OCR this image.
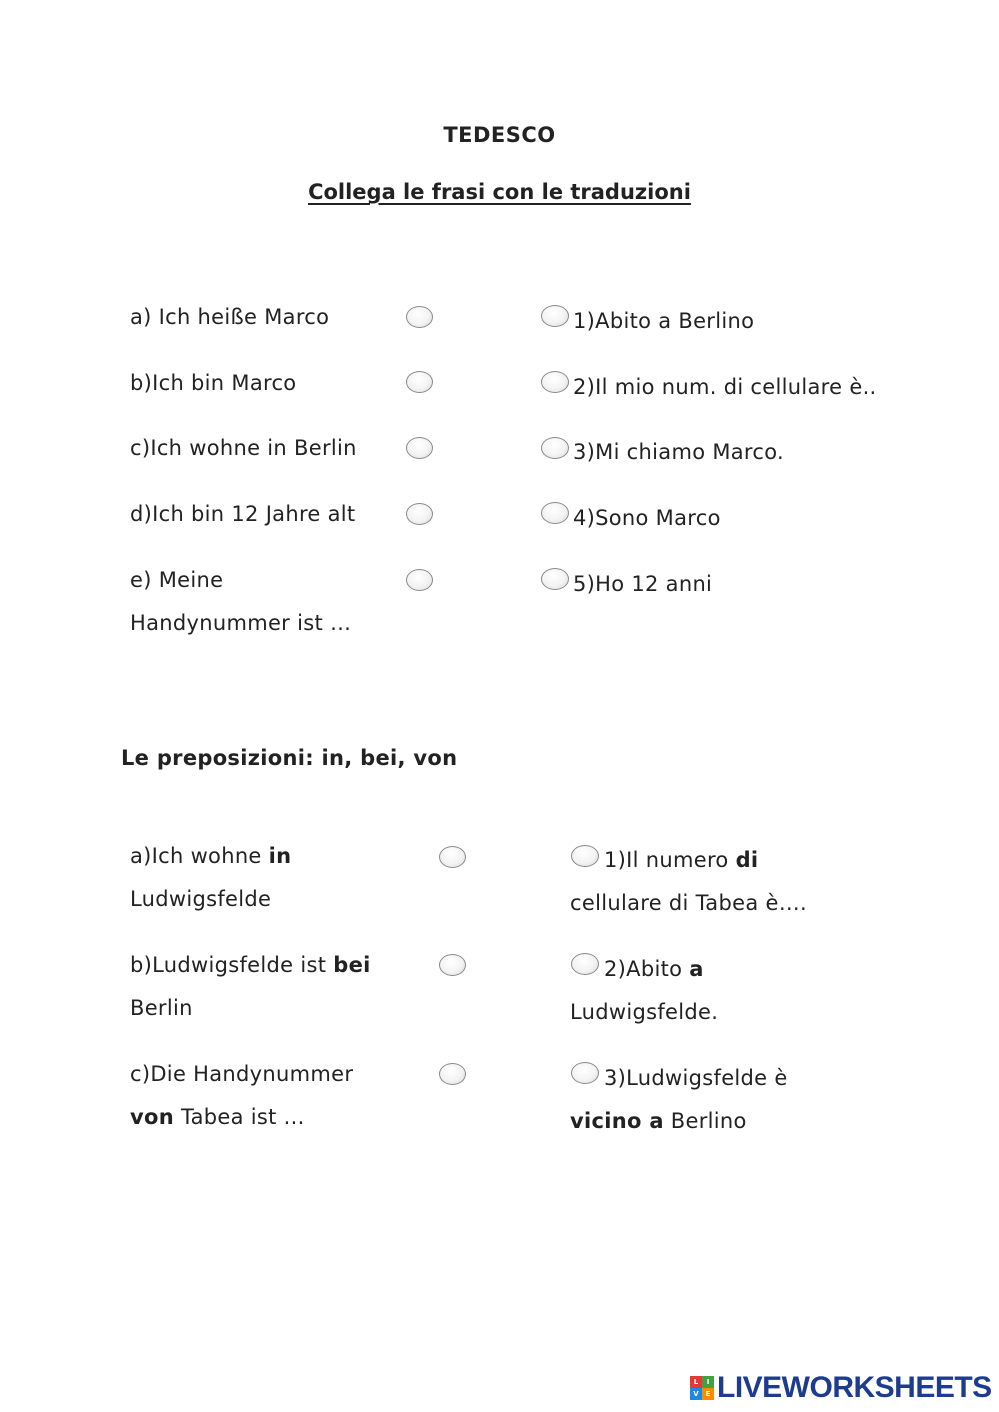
TEDESCO
Collega le frasi con le traduzioni
a) Ich heiße Marco
b)Ich bin Marco
c)Ich wohne in Berlin
d)Ich bin 12 Jahre alt
e) Meine
Handynummer ist …
1)Abito a Berlino
2)Il mio num. di cellulare è..
3)Mi chiamo Marco.
4)Sono Marco
5)Ho 12 anni
Le preposizioni: in, bei, von
a)Ich wohne in
Ludwigsfelde
b)Ludwigsfelde ist bei
Berlin
c)Die Handynummer
von Tabea ist ...
1)Il numero di
cellulare di Tabea è….
2)Abito a
Ludwigsfelde.
3)Ludwigsfelde è
vicino a Berlino
L	I
V E LIVEWORKSHEETS
